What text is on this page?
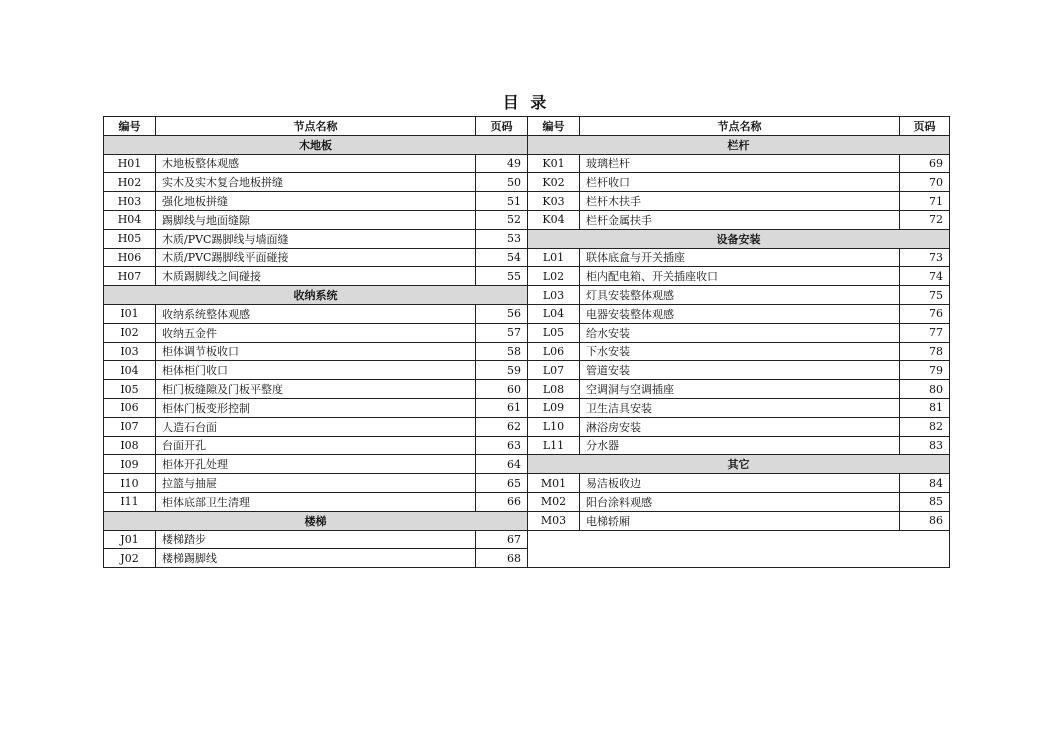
目 录
编号	节点名称	页码
木地板		
H01	木地板整体观感	49
H02	实木及实木复合地板拼缝	50
H03	强化地板拼缝	51
H04	踢脚线与地面缝隙	52
H05	木质/PVC踢脚线与墙面缝	53
H06	木质/PVC踢脚线平面碰接	54
H07	木质踢脚线之间碰接	55
收纳系统		
I01	收纳系统整体观感	56
I02	收纳五金件	57
I03	柜体调节板收口	58
I04	柜体柜门收口	59
I05	柜门板缝隙及门板平整度	60
I06	柜体门板变形控制	61
I07	人造石台面	62
I08	台面开孔	63
I09	柜体开孔处理	64
I10	拉篮与抽屉	65
I11	柜体底部卫生清理	66
楼梯		
J01	楼梯踏步	67
J02	楼梯踢脚线	68
编号	节点名称	页码
栏杆		
K01	玻璃栏杆	69
K02	栏杆收口	70
K03	栏杆木扶手	71
K04	栏杆金属扶手	72
设备安装		
L01	联体底盒与开关插座	73
L02	柜内配电箱、开关插座收口	74
L03	灯具安装整体观感	75
L04	电器安装整体观感	76
L05	给水安装	77
L06	下水安装	78
L07	管道安装	79
L08	空调洞与空调插座	80
L09	卫生洁具安装	81
L10	淋浴房安装	82
L11	分水器	83
其它		
M01	易洁板收边	84
M02	阳台涂料观感	85
M03	电梯轿厢	86
